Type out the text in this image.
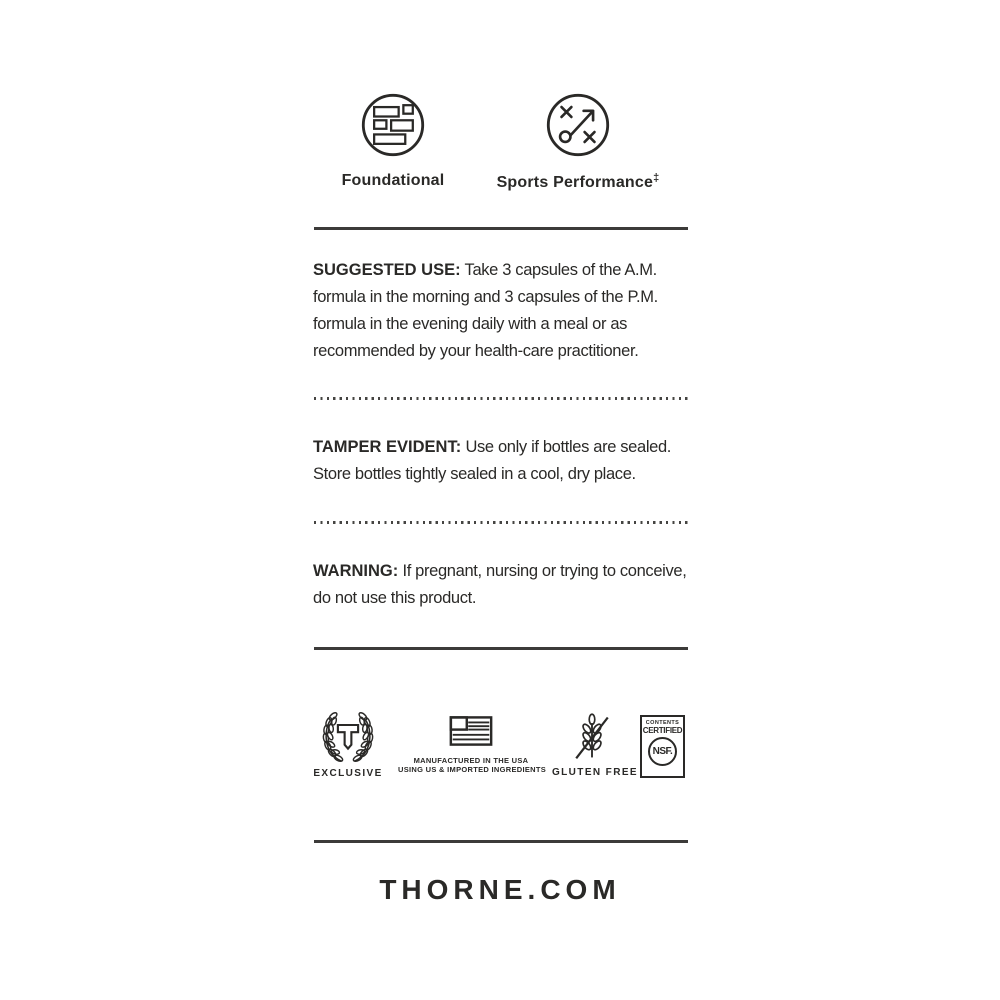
Foundational	Sports Performance‡

SUGGESTED USE: Take 3 capsules of the A.M. formula in the morning and 3 capsules of the P.M. formula in the evening daily with a meal or as recommended by your health-care practitioner.

TAMPER EVIDENT: Use only if bottles are sealed. Store bottles tightly sealed in a cool, dry place.

WARNING: If pregnant, nursing or trying to conceive, do not use this product.

EXCLUSIVE
MANUFACTURED IN THE USA
USING US & IMPORTED INGREDIENTS GLUTEN FREE
CONTENTS
CERTIFIED
NSF.
THORNE.COM
